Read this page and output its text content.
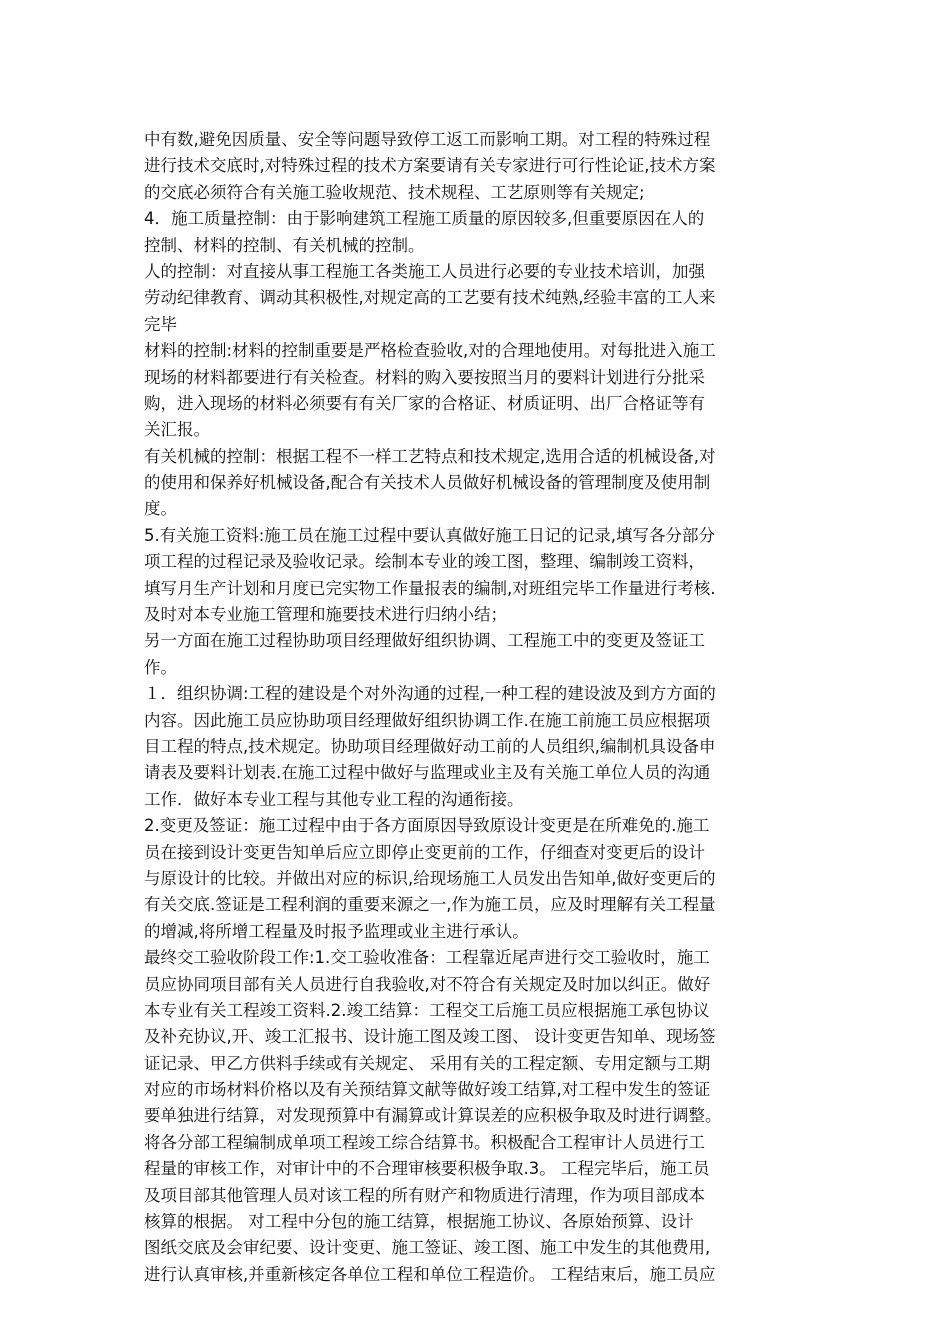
中有数,避免因质量、安全等问题导致停工返工而影响工期。对工程的特殊过程
进行技术交底时,对特殊过程的技术方案要请有关专家进行可行性论证,技术方案
的交底必须符合有关施工验收规范、技术规程、工艺原则等有关规定;
4．施工质量控制：由于影响建筑工程施工质量的原因较多,但重要原因在人的
控制、材料的控制、有关机械的控制。
人的控制：对直接从事工程施工各类施工人员进行必要的专业技术培训，加强
劳动纪律教育、调动其积极性,对规定高的工艺要有技术纯熟,经验丰富的工人来
完毕
材料的控制:材料的控制重要是严格检查验收,对的合理地使用。对每批进入施工
现场的材料都要进行有关检查。材料的购入要按照当月的要料计划进行分批采
购，进入现场的材料必须要有有关厂家的合格证、材质证明、出厂合格证等有
关汇报。
有关机械的控制：根据工程不一样工艺特点和技术规定,选用合适的机械设备,对
的使用和保养好机械设备,配合有关技术人员做好机械设备的管理制度及使用制
度。
5.有关施工资料:施工员在施工过程中要认真做好施工日记的记录,填写各分部分
项工程的过程记录及验收记录。绘制本专业的竣工图，整理、编制竣工资料，
填写月生产计划和月度已完实物工作量报表的编制,对班组完毕工作量进行考核.
及时对本专业施工管理和施要技术进行归纳小结；
另一方面在施工过程协助项目经理做好组织协调、工程施工中的变更及签证工
作。
１．组织协调:工程的建设是个对外沟通的过程,一种工程的建设波及到方方面的
内容。因此施工员应协助项目经理做好组织协调工作.在施工前施工员应根据项
目工程的特点,技术规定。协助项目经理做好动工前的人员组织,编制机具设备申
请表及要料计划表.在施工过程中做好与监理或业主及有关施工单位人员的沟通
工作．做好本专业工程与其他专业工程的沟通衔接。
2.变更及签证：施工过程中由于各方面原因导致原设计变更是在所难免的.施工
员在接到设计变更告知单后应立即停止变更前的工作，仔细查对变更后的设计
与原设计的比较。并做出对应的标识,给现场施工人员发出告知单,做好变更后的
有关交底.签证是工程利润的重要来源之一,作为施工员，应及时理解有关工程量
的增减,将所增工程量及时报予监理或业主进行承认。
最终交工验收阶段工作:1.交工验收准备：工程靠近尾声进行交工验收时，施工
员应协同项目部有关人员进行自我验收,对不符合有关规定及时加以纠正。做好
本专业有关工程竣工资料.2.竣工结算：工程交工后施工员应根据施工承包协议
及补充协议,开、竣工汇报书、设计施工图及竣工图、 设计变更告知单、现场签
证记录、甲乙方供料手续或有关规定、 采用有关的工程定额、专用定额与工期
对应的市场材料价格以及有关预结算文献等做好竣工结算,对工程中发生的签证
要单独进行结算，对发现预算中有漏算或计算误差的应积极争取及时进行调整。
将各分部工程编制成单项工程竣工综合结算书。积极配合工程审计人员进行工
程量的审核工作，对审计中的不合理审核要积极争取.3。 工程完毕后，施工员
及项目部其他管理人员对该工程的所有财产和物质进行清理，作为项目部成本
核算的根据。 对工程中分包的施工结算，根据施工协议、各原始预算、设计
图纸交底及会审纪要、设计变更、施工签证、竣工图、施工中发生的其他费用,
进行认真审核,并重新核定各单位工程和单位工程造价。 工程结束后，施工员应
